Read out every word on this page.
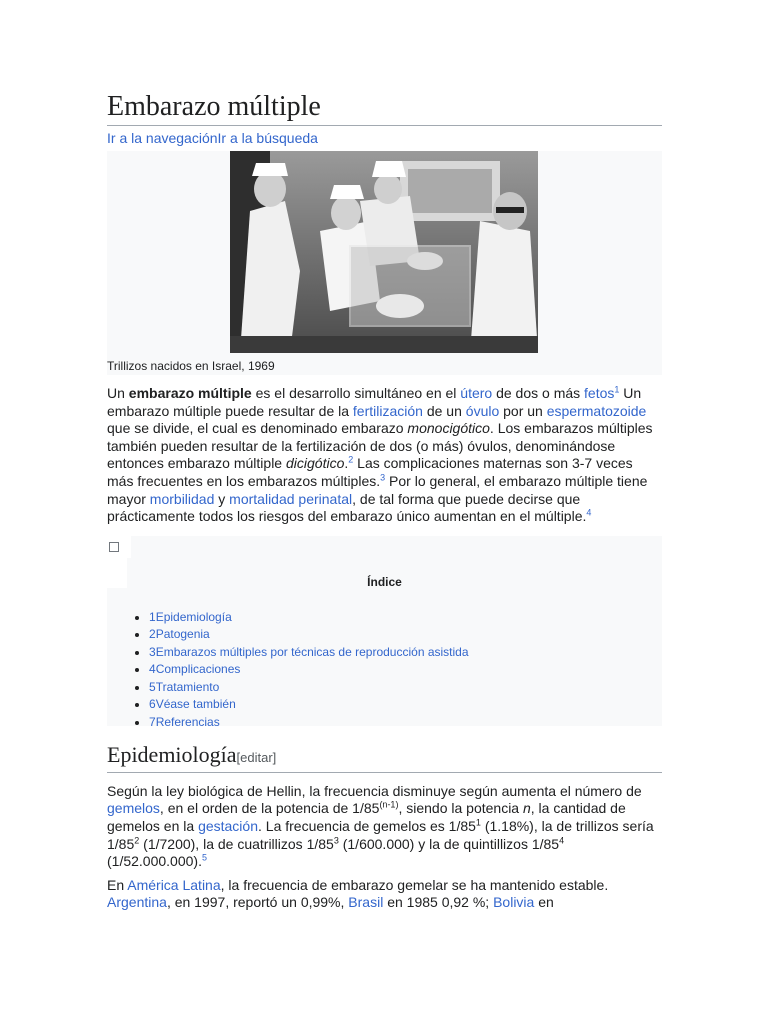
Embarazo múltiple
Ir a la navegaciónIr a la búsqueda
Trillizos nacidos en Israel, 1969

Un embarazo múltiple es el desarrollo simultáneo en el útero de dos o más fetos$^1$ Un embarazo múltiple puede resultar de la fertilización de un óvulo por un espermatozoide que se divide, el cual es denominado embarazo monocigótico. Los embarazos múltiples también pueden resultar de la fertilización de dos (o más) óvulos, denominándose entonces embarazo múltiple dicigótico.$^2$ Las complicaciones maternas son 3-7 veces más frecuentes en los embarazos múltiples.$^3$ Por lo general, el embarazo múltiple tiene mayor morbilidad y mortalidad perinatal, de tal forma que puede decirse que prácticamente todos los riesgos del embarazo único aumentan en el múltiple.$^4$

Índice
• 1Epidemiología
• 2Patogenia
• 3Embarazos múltiples por técnicas de reproducción asistida
• 4Complicaciones
• 5Tratamiento
• 6Véase también
• 7Referencias
Epidemiología[editar]

Según la ley biológica de Hellin, la frecuencia disminuye según aumenta el número de gemelos, en el orden de la potencia de 1/85$^{(n-1)}$, siendo la potencia n, la cantidad de gemelos en la gestación. La frecuencia de gemelos es $1/85^1$ (1.18%), la de trillizos sería $1/85^2$ (1/7200), la de cuatrillizos $1/85^3$ (1/600.000) y la de quintillizos $1/85^4$ (1/52.000.000).$^5$

En América Latina, la frecuencia de embarazo gemelar se ha mantenido estable. Argentina, en 1997, reportó un 0,99%, Brasil en 1985 0,92 %; Bolivia en
